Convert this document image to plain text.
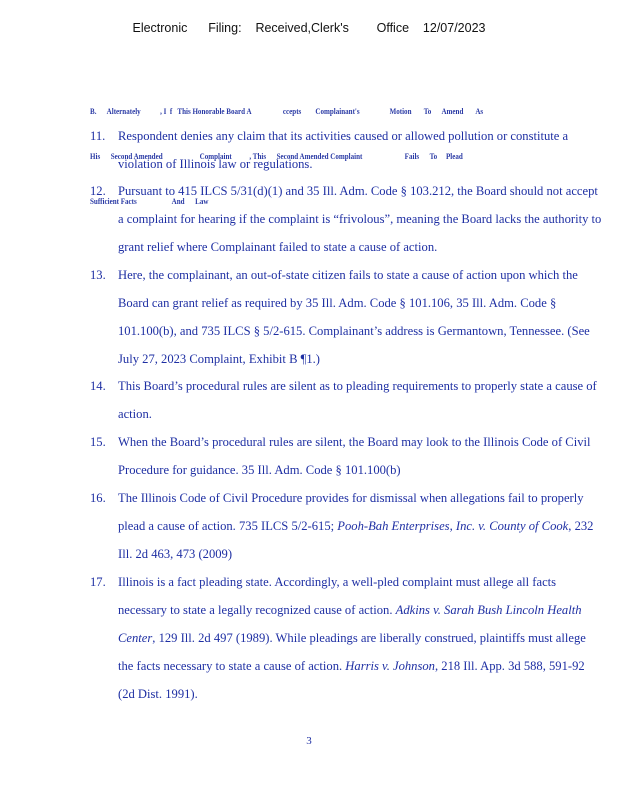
Electronic      Filing:    Received,Clerk's        Office    12/07/2023

B.      Alternately           , I  f   This Honorable Board A                  ccepts        Complainant's                 Motion       To      Amend       As

His      Second Amended                     Complaint          , This      Second Amended Complaint                        Fails      To     Plead

Sufficient Facts                    And      Law

11. Respondent denies any claim that its activities caused or allowed pollution or constitute a violation of Illinois law or regulations.
12. Pursuant to 415 ILCS 5/31(d)(1) and 35 Ill. Adm. Code § 103.212, the Board should not accept a complaint for hearing if the complaint is “frivolous”, meaning the Board lacks the authority to grant relief where Complainant failed to state a cause of action.
13. Here, the complainant, an out-of-state citizen fails to state a cause of action upon which the Board can grant relief as required by 35 Ill. Adm. Code § 101.106, 35 Ill. Adm. Code § 101.100(b), and 735 ILCS § 5/2-615. Complainant’s address is Germantown, Tennessee. (See July 27, 2023 Complaint, Exhibit B ¶1.)
14. This Board’s procedural rules are silent as to pleading requirements to properly state a cause of action.
15. When the Board’s procedural rules are silent, the Board may look to the Illinois Code of Civil Procedure for guidance. 35 Ill. Adm. Code § 101.100(b)
16. The Illinois Code of Civil Procedure provides for dismissal when allegations fail to properly plead a cause of action. 735 ILCS 5/2-615; Pooh-Bah Enterprises, Inc. v. County of Cook, 232 Ill. 2d 463, 473 (2009)
17. Illinois is a fact pleading state. Accordingly, a well-pled complaint must allege all facts necessary to state a legally recognized cause of action. Adkins v. Sarah Bush Lincoln Health Center, 129 Ill. 2d 497 (1989). While pleadings are liberally construed, plaintiffs must allege the facts necessary to state a cause of action. Harris v. Johnson, 218 Ill. App. 3d 588, 591-92 (2d Dist. 1991).
3
